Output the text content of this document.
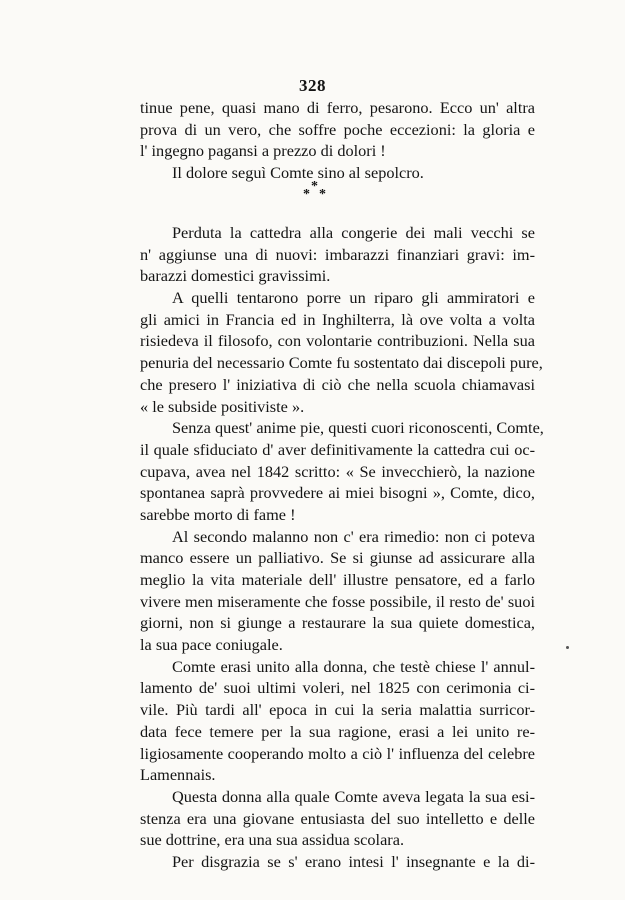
328
tinue pene, quasi mano di ferro, pesarono. Ecco un' altra
prova di un vero, che soffre poche eccezioni: la gloria e
l' ingegno pagansi a prezzo di dolori !
Il dolore seguì Comte sino al sepolcro.
*
* *
Perduta la cattedra alla congerie dei mali vecchi se
n' aggiunse una di nuovi: imbarazzi finanziari gravi: im-
barazzi domestici gravissimi.
A quelli tentarono porre un riparo gli ammiratori e
gli amici in Francia ed in Inghilterra, là ove volta a volta
risiedeva il filosofo, con volontarie contribuzioni. Nella sua
penuria del necessario Comte fu sostentato dai discepoli pure,
che presero l' iniziativa di ciò che nella scuola chiamavasi
« le subside positiviste ».
Senza quest' anime pie, questi cuori riconoscenti, Comte,
il quale sfiduciato d' aver definitivamente la cattedra cui oc-
cupava, avea nel 1842 scritto: « Se invecchierò, la nazione
spontanea saprà provvedere ai miei bisogni », Comte, dico,
sarebbe morto di fame !
Al secondo malanno non c' era rimedio: non ci poteva
manco essere un palliativo. Se si giunse ad assicurare alla
meglio la vita materiale dell' illustre pensatore, ed a farlo
vivere men miseramente che fosse possibile, il resto de' suoi
giorni, non si giunge a restaurare la sua quiete domestica,
la sua pace coniugale.
Comte erasi unito alla donna, che testè chiese l' annul-
lamento de' suoi ultimi voleri, nel 1825 con cerimonia ci-
vile. Più tardi all' epoca in cui la seria malattia surricor-
data fece temere per la sua ragione, erasi a lei unito re-
ligiosamente cooperando molto a ciò l' influenza del celebre
Lamennais.
Questa donna alla quale Comte aveva legata la sua esi-
stenza era una giovane entusiasta del suo intelletto e delle
sue dottrine, era una sua assidua scolara.
Per disgrazia se s' erano intesi l' insegnante e la di-
